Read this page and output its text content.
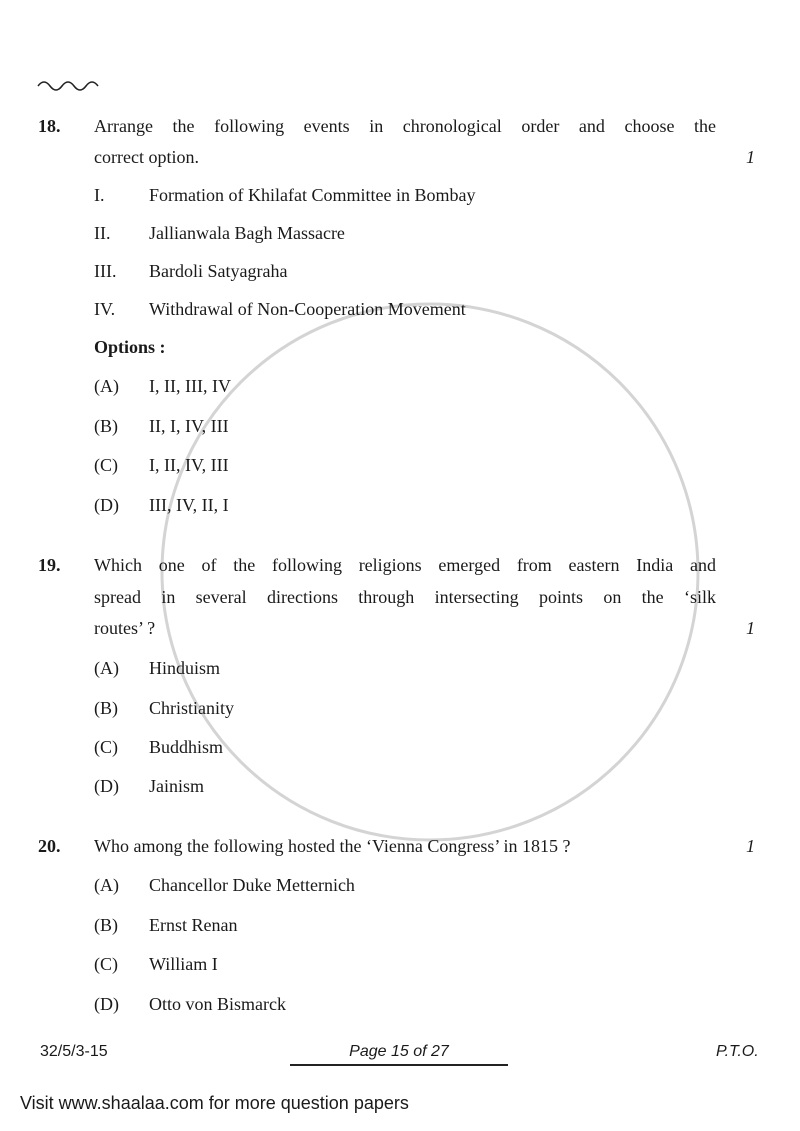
18. Arrange the following events in chronological order and choose the
correct option.	1
I. Formation of Khilafat Committee in Bombay
II. Jallianwala Bagh Massacre
III. Bardoli Satyagraha
IV. Withdrawal of Non-Cooperation Movement
Options :
(A) I, II, III, IV
(B) II, I, IV, III
(C) I, II, IV, III
(D) III, IV, II, I
19. Which one of the following religions emerged from eastern India and
spread in several directions through intersecting points on the ‘silk
routes’ ?	1
(A) Hinduism
(B) Christianity
(C) Buddhism
(D) Jainism
20. Who among the following hosted the ‘Vienna Congress’ in 1815 ?	1
(A) Chancellor Duke Metternich
(B) Ernst Renan
(C) William I
(D) Otto von Bismarck
32/5/3-15	Page 15 of 27	P.T.O.
Visit www.shaalaa.com for more question papers
